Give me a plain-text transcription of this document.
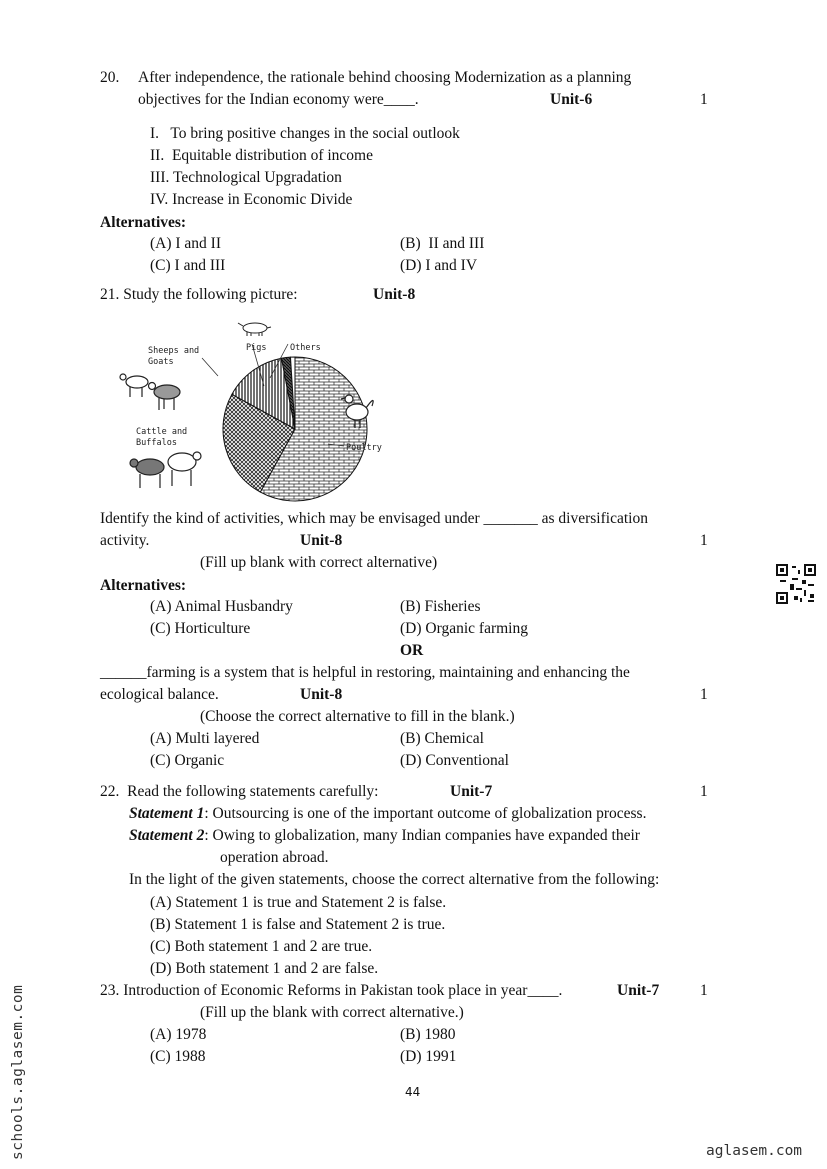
20. After independence, the rationale behind choosing Modernization as a planning
objectives for the Indian economy were____.	Unit-6	1
I.   To bring positive changes in the social outlook
II.  Equitable distribution of income
III. Technological Upgradation
IV. Increase in Economic Divide
Alternatives:
(A) I and II	(B)  II and III
(C) I and III	(D) I and IV
21. Study the following picture:	Unit-8
Sheeps and
Goats
Pigs	Others
Cattle and
Buffalos	Poultry
Identify the kind of activities, which may be envisaged under _______ as diversification
activity.	Unit-8	1
(Fill up blank with correct alternative)
Alternatives:
(A) Animal Husbandry	(B) Fisheries
(C) Horticulture	(D) Organic farming
OR
______farming is a system that is helpful in restoring, maintaining and enhancing the
ecological balance.	Unit-8	1
(Choose the correct alternative to fill in the blank.)
(A) Multi layered	(B) Chemical
(C) Organic	(D) Conventional
22.  Read the following statements carefully:	Unit-7	1
Statement 1: Outsourcing is one of the important outcome of globalization process.
Statement 2: Owing to globalization, many Indian companies have expanded their
operation abroad.
In the light of the given statements, choose the correct alternative from the following:
(A) Statement 1 is true and Statement 2 is false.
(B) Statement 1 is false and Statement 2 is true.
(C) Both statement 1 and 2 are true.
(D) Both statement 1 and 2 are false.
23. Introduction of Economic Reforms in Pakistan took place in year____.	Unit-7	1
(Fill up the blank with correct alternative.)
(A) 1978	(B) 1980
(C) 1988	(D) 1991
44
schools.aglasem.com	aglasem.com
